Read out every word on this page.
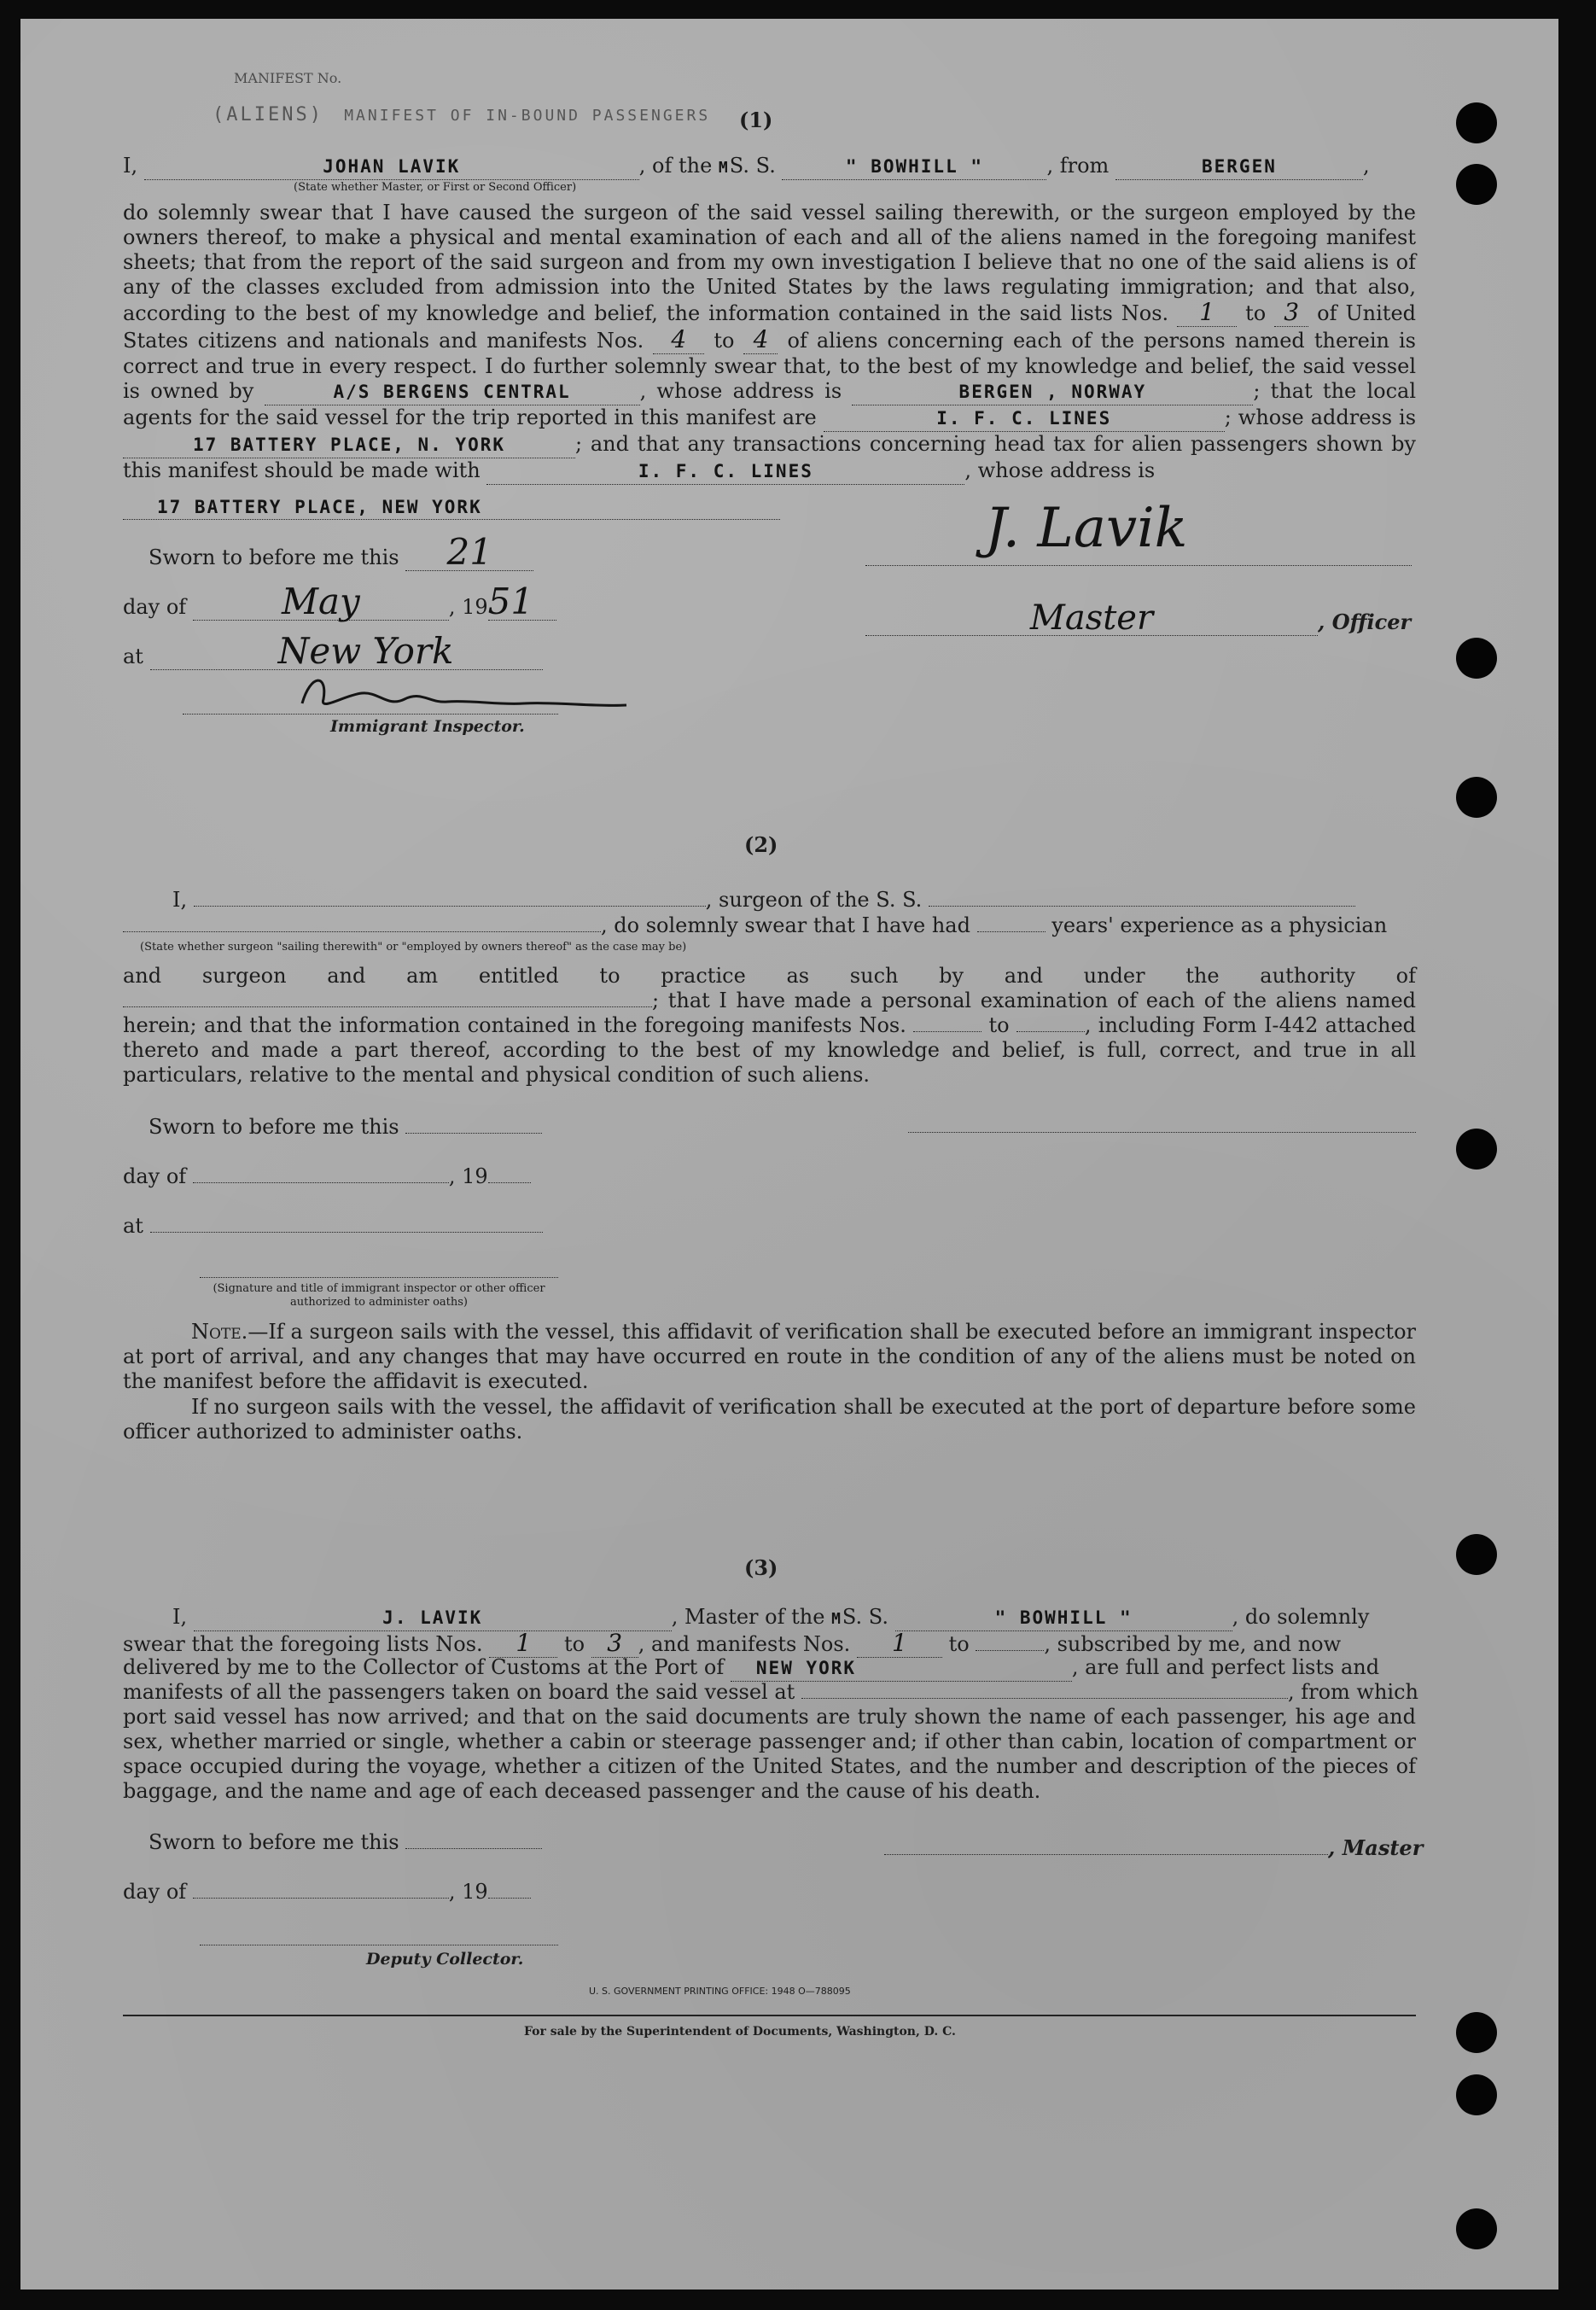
MANIFEST No.
(ALIENS) MANIFEST OF IN-BOUND PASSENGERS (1)
I,	JOHAN LAVIK	, of the MS. S.	" BOWHILL "	, from	BERGEN	,
(State whether Master, or First or Second Officer)
do solemnly swear that I have caused the surgeon of the said vessel sailing therewith, or the surgeon employed by the owners thereof, to make a physical and mental examination of each and all of the aliens named in the foregoing manifest sheets; that from the report of the said surgeon and from my own investigation I believe that no one of the said aliens is of any of the classes excluded from admission into the United States by the laws regulating immigration; and that also, according to the best of my knowledge and belief, the information contained in the said lists Nos. 1 to 3 of United States citizens and nationals and manifests Nos. 4 to 4 of aliens concerning each of the persons named therein is correct and true in every respect. I do further solemnly swear that, to the best of my knowledge and belief, the said vessel is owned by	A/S BERGENS CENTRAL	, whose address is	BERGEN , NORWAY	; that the local agents for the said vessel for the trip reported in this manifest are	I. F. C. LINES	; whose address is 17 BATTERY PLACE, N. YORK	; and that any transactions concerning head tax for alien passengers shown by this manifest should be made with	I. F. C. LINES	, whose address is
17 BATTERY PLACE, NEW YORK
Sworn to before me this 21
day of	May	, 1951
at	New York
Immigrant Inspector.
J. Lavik
Master	, Officer
(2)
I,	, surgeon of the S. S.
, do solemnly swear that I have had	years' experience as a physician
(State whether surgeon "sailing therewith" or "employed by owners thereof" as the case may be)
and surgeon and am entitled to practice as such by and under the authority of ; that I have made a personal examination of each of the aliens named herein; and that the information contained in the foregoing manifests Nos.	to	, including Form I-442 attached thereto and made a part thereof, according to the best of my knowledge and belief, is full, correct, and true in all particulars, relative to the mental and physical condition of such aliens.
Sworn to before me this
day of	, 19
at
(Signature and title of immigrant inspector or other officer authorized to administer oaths)
Note.—If a surgeon sails with the vessel, this affidavit of verification shall be executed before an immigrant inspector at port of arrival, and any changes that may have occurred en route in the condition of any of the aliens must be noted on the manifest before the affidavit is executed.
If no surgeon sails with the vessel, the affidavit of verification shall be executed at the port of departure before some officer authorized to administer oaths.
(3)
I,	J. LAVIK	, Master of the MS. S.	" BOWHILL "	, do solemnly
swear that the foregoing lists Nos. 1 to 3 , and manifests Nos. 1 to	, subscribed by me, and now
delivered by me to the Collector of Customs at the Port of NEW YORK	, are full and perfect lists and
manifests of all the passengers taken on board the said vessel at	, from which
port said vessel has now arrived; and that on the said documents are truly shown the name of each passenger, his age and sex, whether married or single, whether a cabin or steerage passenger and; if other than cabin, location of compartment or space occupied during the voyage, whether a citizen of the United States, and the number and description of the pieces of baggage, and the name and age of each deceased passenger and the cause of his death.
Sworn to before me this	, Master
day of	, 19
Deputy Collector.
U. S. GOVERNMENT PRINTING OFFICE: 1948 O—788095
For sale by the Superintendent of Documents, Washington, D. C.
